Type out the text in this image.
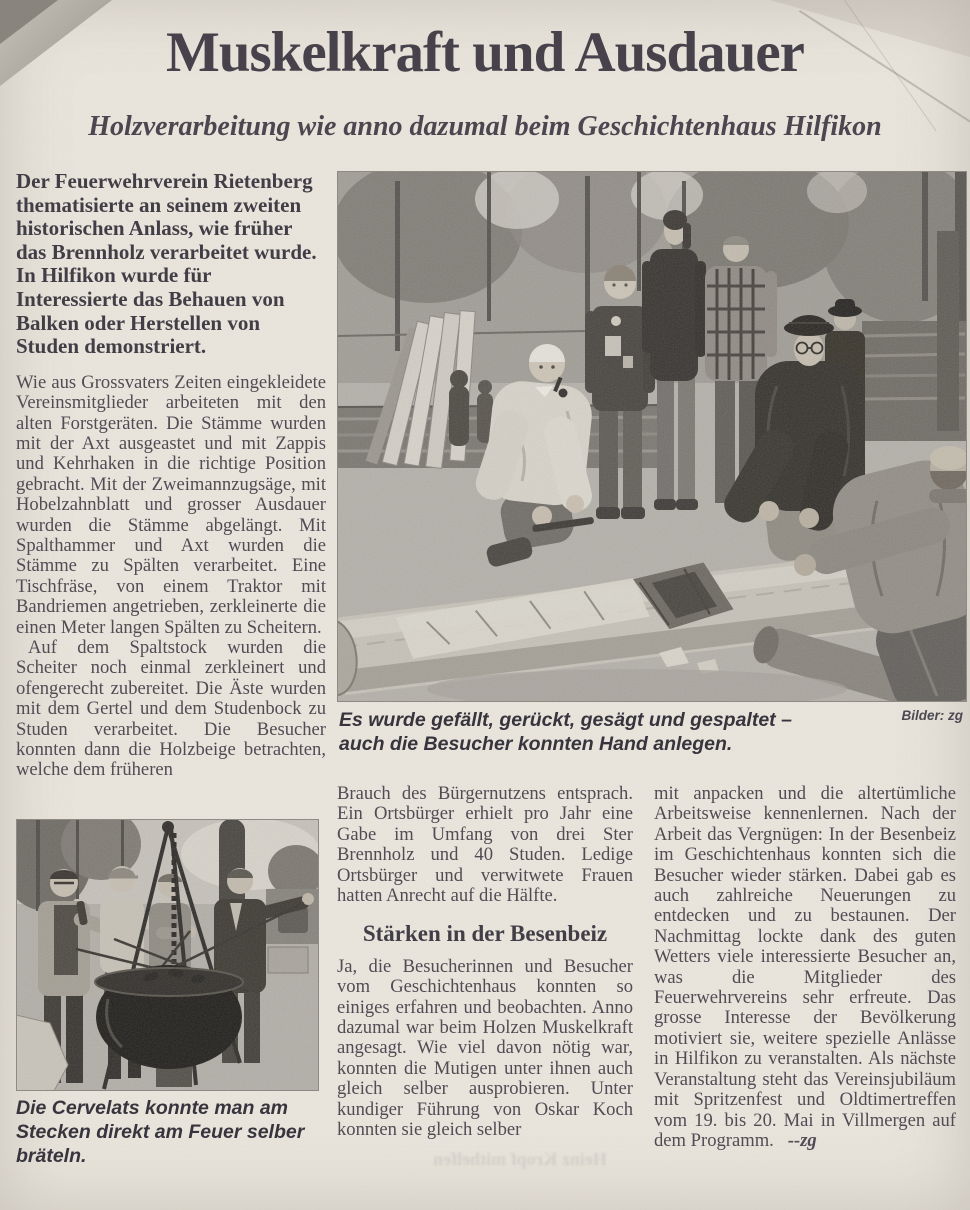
Heinz Kropf mithelfen
Muskelkraft und Ausdauer
Holzverarbeitung wie anno dazumal beim Geschichtenhaus Hilfikon

Der Feuerwehrverein Rietenberg thematisierte an seinem zweiten historischen Anlass, wie früher das Brennholz verarbeitet wurde. In Hilfikon wurde für Interessierte das Behauen von Balken oder Herstellen von Studen demonstriert.

Wie aus Grossvaters Zeiten eingekleidete Vereinsmitglieder arbeiteten mit den alten Forstgeräten. Die Stämme wurden mit der Axt ausgeastet und mit Zappis und Kehrhaken in die richtige Position gebracht. Mit der Zweimannzugsäge, mit Hobelzahnblatt und grosser Ausdauer wurden die Stämme abgelängt. Mit Spalthammer und Axt wurden die Stämme zu Spälten verarbeitet. Eine Tischfräse, von einem Traktor mit Bandriemen angetrieben, zerkleinerte die einen Meter langen Spälten zu Scheitern.

Auf dem Spaltstock wurden die Scheiter noch einmal zerkleinert und ofengerecht zubereitet. Die Äste wurden mit dem Gertel und dem Studenbock zu Studen verarbeitet. Die Besucher konnten dann die Holzbeige betrachten, welche dem früheren

Es wurde gefällt, gerückt, gesägt und gespaltet – auch die Besucher konnten Hand anlegen.

Bilder: zg

Die Cervelats konnte man am Stecken direkt am Feuer selber bräteln.

Brauch des Bürgernutzens entsprach. Ein Ortsbürger erhielt pro Jahr eine Gabe im Umfang von drei Ster Brennholz und 40 Studen. Ledige Ortsbürger und verwitwete Frauen hatten Anrecht auf die Hälfte.

Stärken in der Besenbeiz

Ja, die Besucherinnen und Besucher vom Geschichtenhaus konnten so einiges erfahren und beobachten. Anno dazumal war beim Holzen Muskelkraft angesagt. Wie viel davon nötig war, konnten die Mutigen unter ihnen auch gleich selber ausprobieren. Unter kundiger Führung von Oskar Koch konnten sie gleich selber

mit anpacken und die altertümliche Arbeitsweise kennenlernen. Nach der Arbeit das Vergnügen: In der Besenbeiz im Geschichtenhaus konnten sich die Besucher wieder stärken. Dabei gab es auch zahlreiche Neuerungen zu entdecken und zu bestaunen. Der Nachmittag lockte dank des guten Wetters viele interessierte Besucher an, was die Mitglieder des Feuerwehrvereins sehr erfreute. Das grosse Interesse der Bevölkerung motiviert sie, weitere spezielle Anlässe in Hilfikon zu veranstalten. Als nächste Veranstaltung steht das Vereinsjubiläum mit Spritzenfest und Oldtimertreffen vom 19. bis 20. Mai in Villmergen auf dem Programm. --zg
